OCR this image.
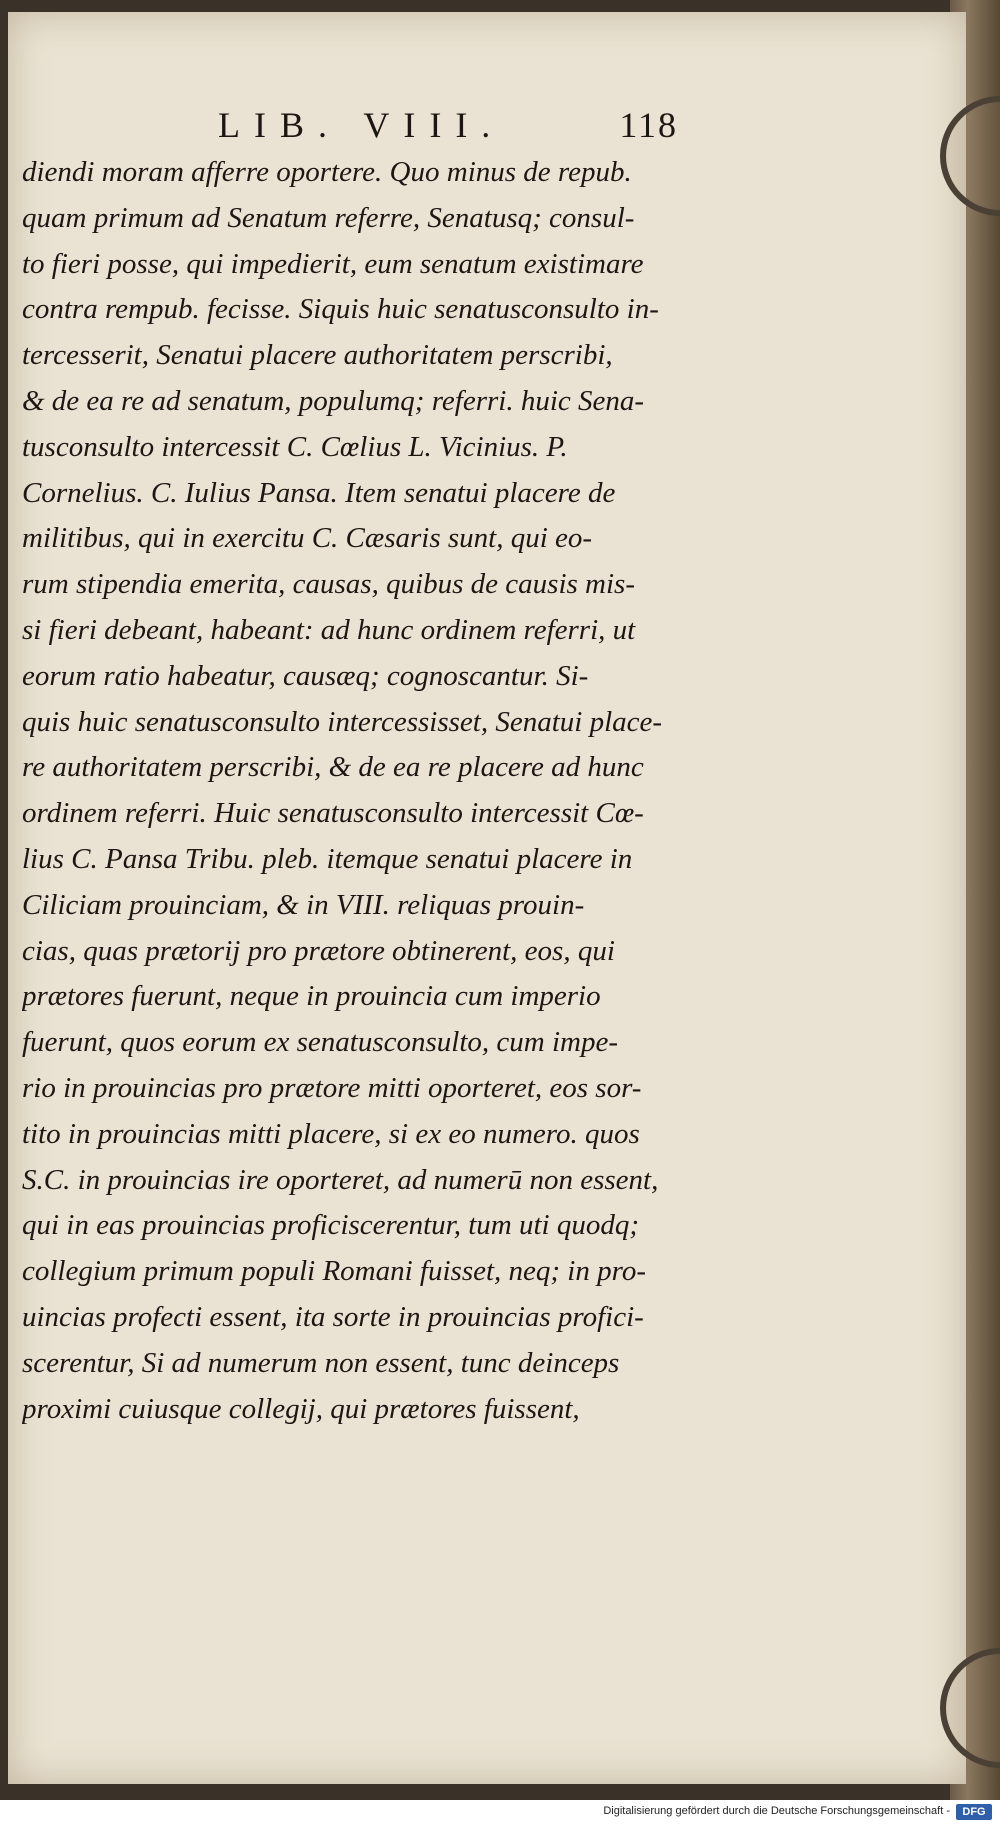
LIB. VIII.	118
diendi moram afferre oportere. Quo minus de repub.
quam primum ad Senatum referre, Senatusq; consul-
to fieri posse, qui impedierit, eum senatum existimare
contra rempub. fecisse. Siquis huic senatusconsulto in-
tercesserit, Senatui placere authoritatem perscribi,
& de ea re ad senatum, populumq; referri. huic Sena-
tusconsulto intercessit C. Cœlius L. Vicinius. P.
Cornelius. C. Iulius Pansa. Item senatui placere de
militibus, qui in exercitu C. Cæsaris sunt, qui eo-
rum stipendia emerita, causas, quibus de causis mis-
si fieri debeant, habeant: ad hunc ordinem referri, ut
eorum ratio habeatur, causæq; cognoscantur. Si-
quis huic senatusconsulto intercessisset, Senatui place-
re authoritatem perscribi, & de ea re placere ad hunc
ordinem referri. Huic senatusconsulto intercessit Cœ-
lius C. Pansa Tribu. pleb. itemque senatui placere in
Ciliciam prouinciam, & in VIII. reliquas prouin-
cias, quas prætorij pro prætore obtinerent, eos, qui
prætores fuerunt, neque in prouincia cum imperio
fuerunt, quos eorum ex senatusconsulto, cum impe-
rio in prouincias pro prætore mitti oporteret, eos sor-
tito in prouincias mitti placere, si ex eo numero. quos
S.C. in prouincias ire oporteret, ad numerū non essent,
qui in eas prouincias proficiscerentur, tum uti quodq;
collegium primum populi Romani fuisset, neq; in pro-
uincias profecti essent, ita sorte in prouincias profici-
scerentur, Si ad numerum non essent, tunc deinceps
proximi cuiusque collegij, qui prætores fuissent,
Digitalisierung gefördert durch die Deutsche Forschungsgemeinschaft -	DFG
